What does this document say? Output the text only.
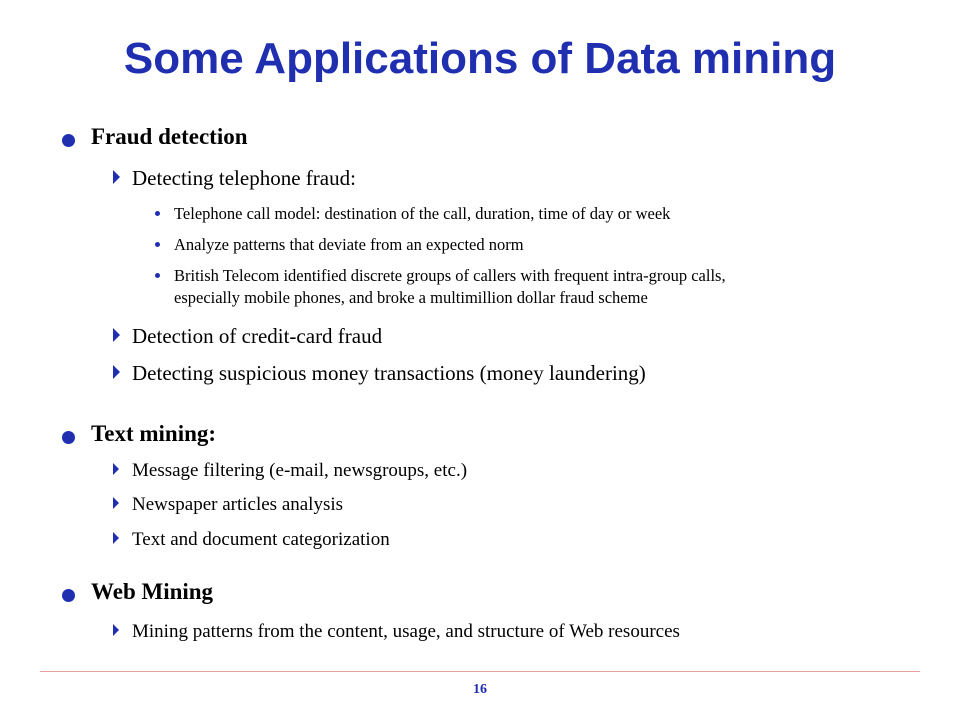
Some Applications of Data mining
Fraud detection
Detecting telephone fraud:
Telephone call model: destination of the call, duration, time of day or week
Analyze patterns that deviate from an expected norm
British Telecom identified discrete groups of callers with frequent intra-group calls,
especially mobile phones, and broke a multimillion dollar fraud scheme
Detection of credit-card fraud
Detecting suspicious money transactions (money laundering)
Text mining:
Message filtering (e-mail, newsgroups, etc.)
Newspaper articles analysis
Text and document categorization
Web Mining
Mining patterns from the content, usage, and structure of Web resources
16
